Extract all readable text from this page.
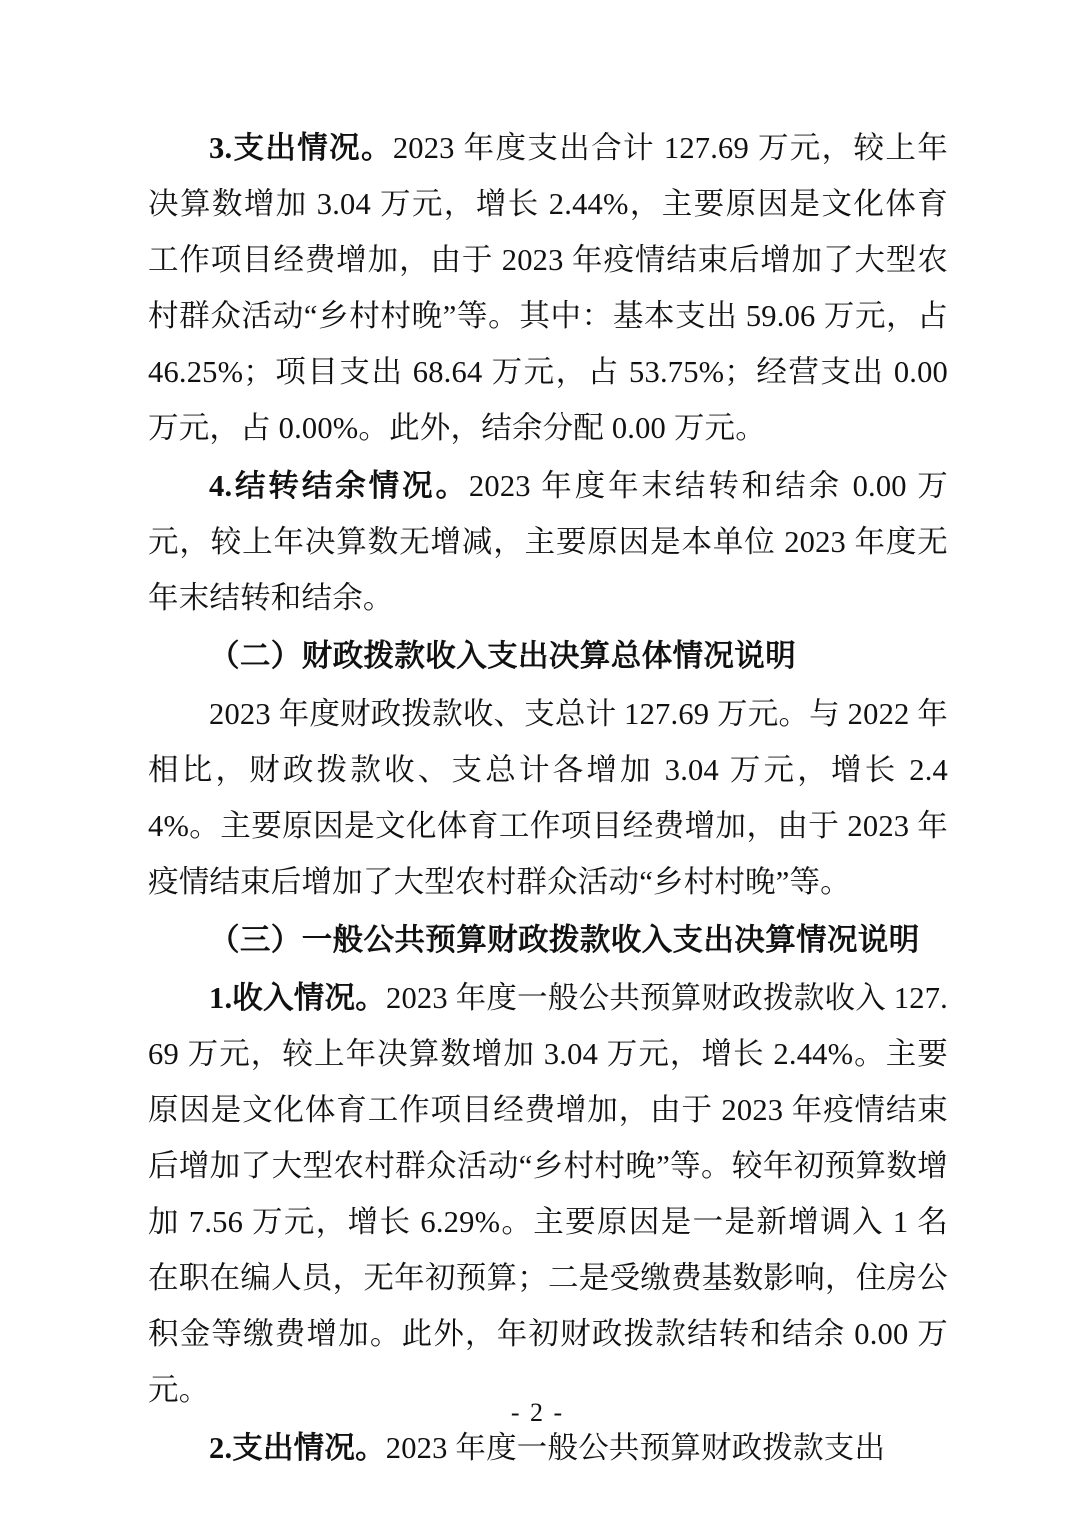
3.支出情况。2023 年度支出合计 127.69 万元，较上年决算数增加 3.04 万元，增长 2.44%，主要原因是文化体育工作项目经费增加，由于 2023 年疫情结束后增加了大型农村群众活动“乡村村晚”等。其中：基本支出 59.06 万元，占 46.25%；项目支出 68.64 万元，占 53.75%；经营支出 0.00 万元，占 0.00%。此外，结余分配 0.00 万元。

4.结转结余情况。2023 年度年末结转和结余 0.00 万元，较上年决算数无增减，主要原因是本单位 2023 年度无年末结转和结余。

（二）财政拨款收入支出决算总体情况说明

2023 年度财政拨款收、支总计 127.69 万元。与 2022 年相比，财政拨款收、支总计各增加 3.04 万元，增长 2.44%。主要原因是文化体育工作项目经费增加，由于 2023 年疫情结束后增加了大型农村群众活动“乡村村晚”等。

（三）一般公共预算财政拨款收入支出决算情况说明

1.收入情况。2023 年度一般公共预算财政拨款收入 127.69 万元，较上年决算数增加 3.04 万元，增长 2.44%。主要原因是文化体育工作项目经费增加，由于 2023 年疫情结束后增加了大型农村群众活动“乡村村晚”等。较年初预算数增加 7.56 万元，增长 6.29%。主要原因是一是新增调入 1 名在职在编人员，无年初预算；二是受缴费基数影响，住房公积金等缴费增加。此外，年初财政拨款结转和结余 0.00 万元。

2.支出情况。2023 年度一般公共预算财政拨款支出

- 2 -
